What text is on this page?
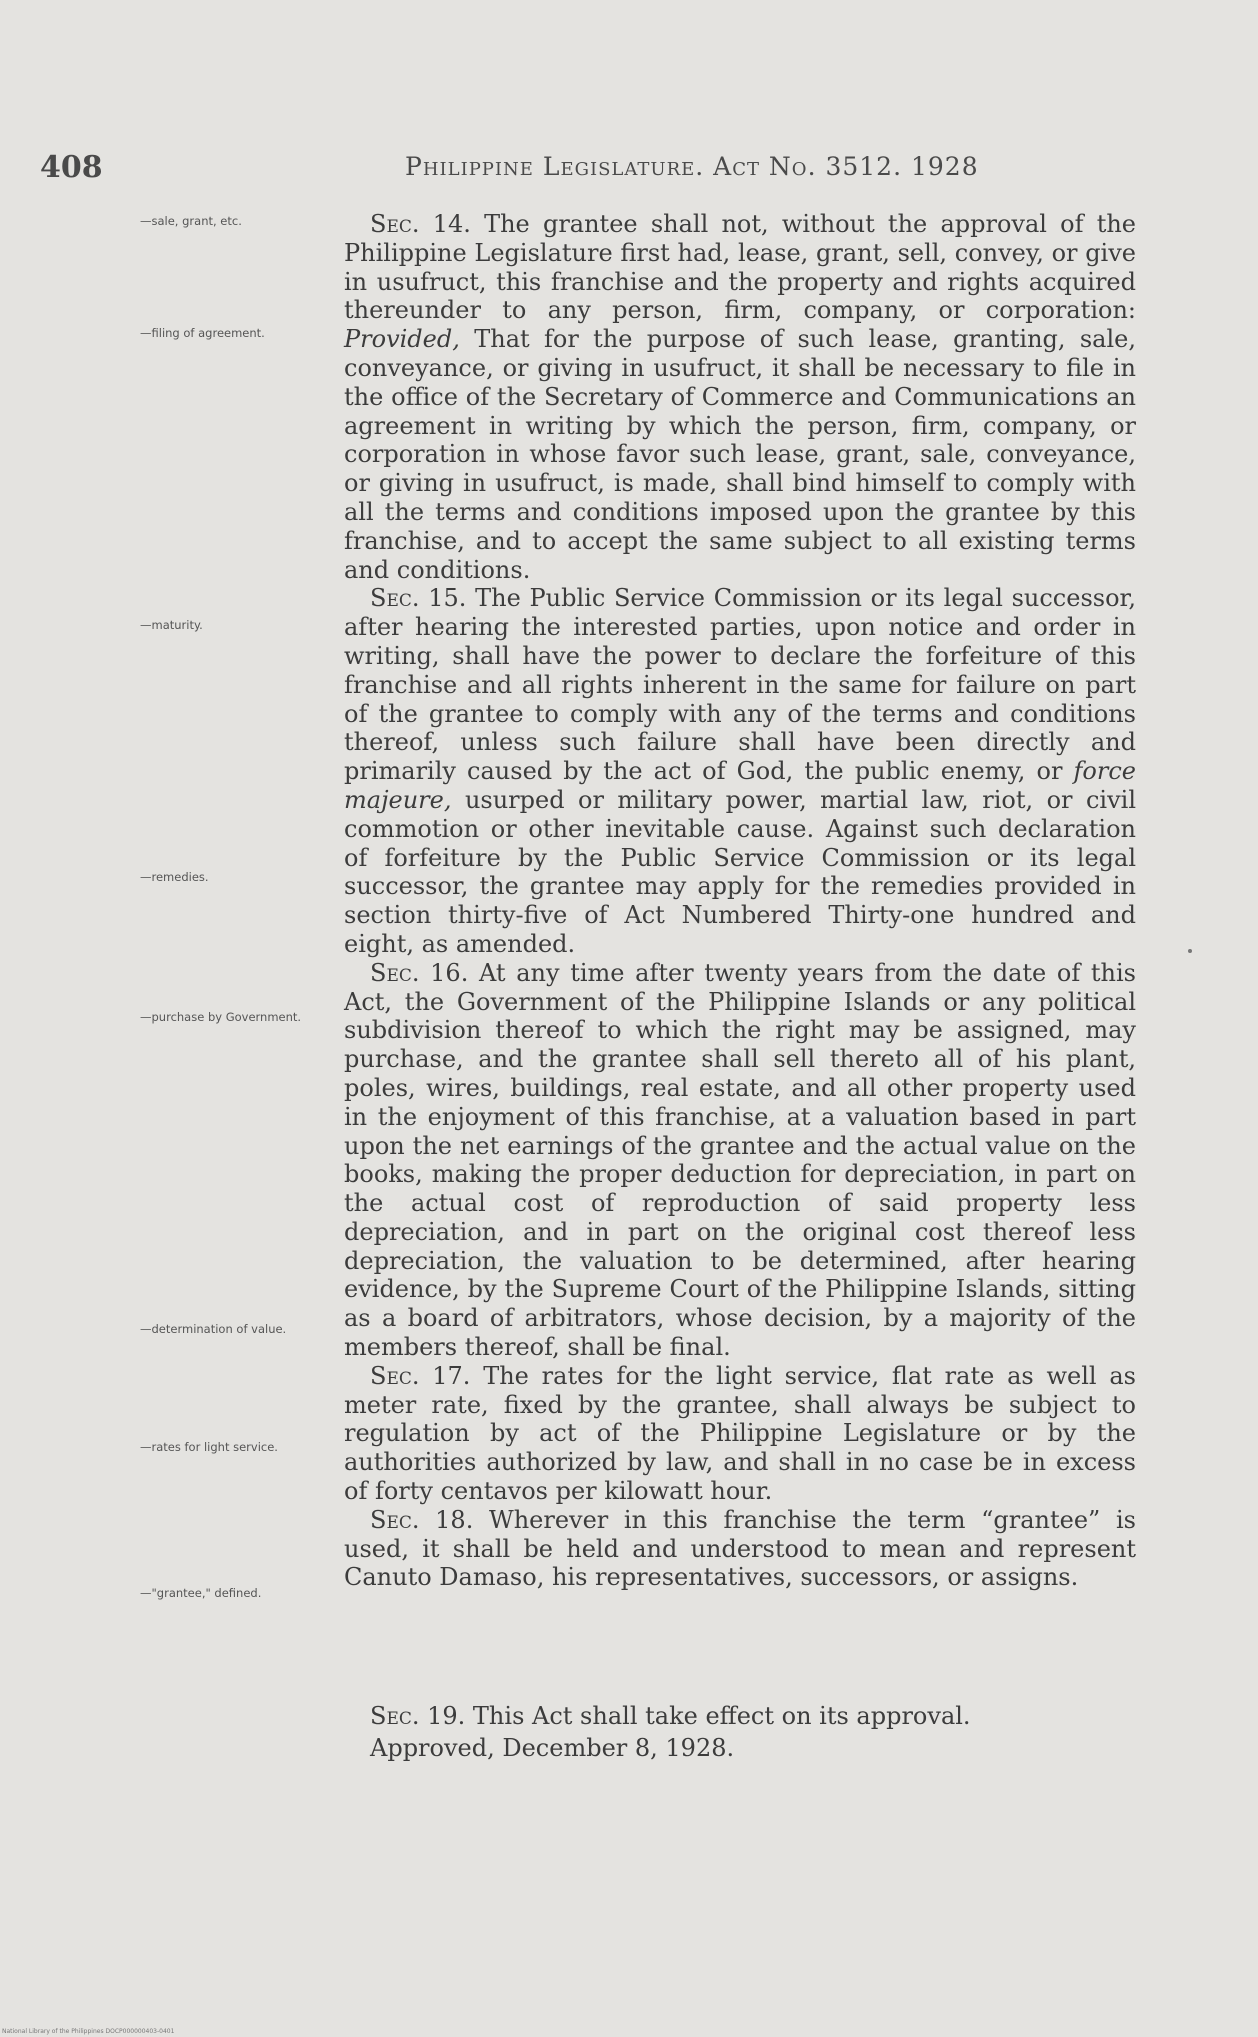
408	Philippine Legislature. Act No. 3512. 1928
—sale, grant, etc.
—filing of agreement.
—maturity.
—remedies.
—purchase by Government.
—determination of value.
—rates for light service.
—"grantee," defined.

Sec. 14. The grantee shall not, without the approval of the Philippine Legislature first had, lease, grant, sell, convey, or give in usufruct, this franchise and the property and rights acquired thereunder to any person, firm, company, or corporation: Provided, That for the purpose of such lease, granting, sale, conveyance, or giving in usufruct, it shall be necessary to file in the office of the Secretary of Commerce and Communications an agreement in writing by which the person, firm, company, or corporation in whose favor such lease, grant, sale, conveyance, or giving in usufruct, is made, shall bind himself to comply with all the terms and conditions imposed upon the grantee by this franchise, and to accept the same subject to all existing terms and conditions.

Sec. 15. The Public Service Commission or its legal successor, after hearing the interested parties, upon notice and order in writing, shall have the power to declare the forfeiture of this franchise and all rights inherent in the same for failure on part of the grantee to comply with any of the terms and conditions thereof, unless such failure shall have been directly and primarily caused by the act of God, the public enemy, or force majeure, usurped or military power, martial law, riot, or civil commotion or other inevitable cause. Against such declaration of forfeiture by the Public Service Commission or its legal successor, the grantee may apply for the remedies provided in section thirty-five of Act Numbered Thirty-one hundred and eight, as amended.

Sec. 16. At any time after twenty years from the date of this Act, the Government of the Philippine Islands or any political subdivision thereof to which the right may be assigned, may purchase, and the grantee shall sell thereto all of his plant, poles, wires, buildings, real estate, and all other property used in the enjoyment of this franchise, at a valuation based in part upon the net earnings of the grantee and the actual value on the books, making the proper deduction for depreciation, in part on the actual cost of reproduction of said property less depreciation, and in part on the original cost thereof less depreciation, the valuation to be determined, after hearing evidence, by the Supreme Court of the Philippine Islands, sitting as a board of arbitrators, whose decision, by a majority of the members thereof, shall be final.

Sec. 17. The rates for the light service, flat rate as well as meter rate, fixed by the grantee, shall always be subject to regulation by act of the Philippine Legislature or by the authorities authorized by law, and shall in no case be in excess of forty centavos per kilowatt hour.

Sec. 18. Wherever in this franchise the term “grantee” is used, it shall be held and understood to mean and represent Canuto Damaso, his representatives, successors, or assigns.

Sec. 19. This Act shall take effect on its approval.

Approved, December 8, 1928.

National Library of the Philippines DOCP000000403-0401
